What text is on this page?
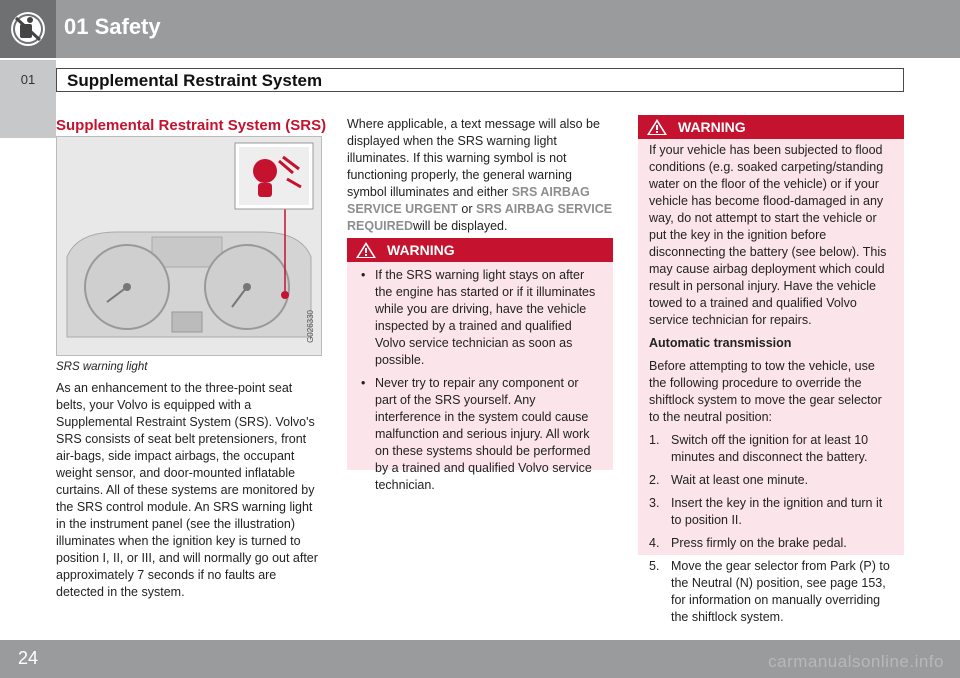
01 Safety
01	Supplemental Restraint System
Supplemental Restraint System (SRS)
G026330
SRS warning light
As an enhancement to the three-point seat belts, your Volvo is equipped with a Supplemental Restraint System (SRS). Volvo's SRS consists of seat belt pretensioners, front air-bags, side impact airbags, the occupant weight sensor, and door-mounted inflatable curtains. All of these systems are monitored by the SRS control module. An SRS warning light in the instrument panel (see the illustration) illuminates when the ignition key is turned to position I, II, or III, and will normally go out after approximately 7 seconds if no faults are detected in the system.
Where applicable, a text message will also be displayed when the SRS warning light illuminates. If this warning symbol is not functioning properly, the general warning symbol illuminates and either SRS AIRBAG SERVICE URGENT or SRS AIRBAG SERVICE REQUIREDwill be displayed.
WARNING
• If the SRS warning light stays on after the engine has started or if it illuminates while you are driving, have the vehicle inspected by a trained and qualified Volvo service technician as soon as possible.
• Never try to repair any component or part of the SRS yourself. Any interference in the system could cause malfunction and serious injury. All work on these systems should be performed by a trained and qualified Volvo service technician.
WARNING

If your vehicle has been subjected to flood conditions (e.g. soaked carpeting/standing water on the floor of the vehicle) or if your vehicle has become flood-damaged in any way, do not attempt to start the vehicle or put the key in the ignition before disconnecting the battery (see below). This may cause airbag deployment which could result in personal injury. Have the vehicle towed to a trained and qualified Volvo service technician for repairs.

Automatic transmission

Before attempting to tow the vehicle, use the following procedure to override the shiftlock system to move the gear selector to the neutral position:

1. Switch off the ignition for at least 10 minutes and disconnect the battery.
2. Wait at least one minute.
3. Insert the key in the ignition and turn it to position II.
4. Press firmly on the brake pedal.
5. Move the gear selector from Park (P) to the Neutral (N) position, see page 153, for information on manually overriding the shiftlock system.
24	carmanualsonline.info
